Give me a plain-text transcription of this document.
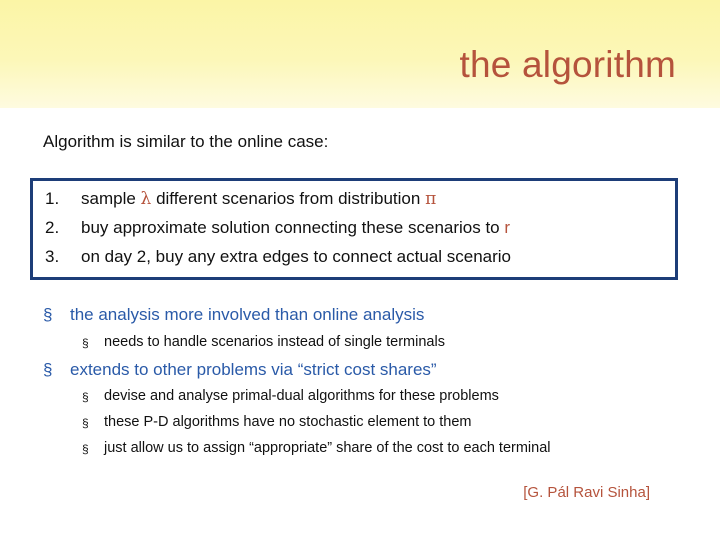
the algorithm
Algorithm is similar to the online case:
1.	sample λ different scenarios from distribution π
2.	buy approximate solution connecting these scenarios to r
3.	on day 2, buy any extra edges to connect actual scenario
§ the analysis more involved than online analysis
§ needs to handle scenarios instead of single terminals
§ extends to other problems via “strict cost shares”
§ devise and analyse primal-dual algorithms for these problems
§ these P-D algorithms have no stochastic element to them
§ just allow us to assign “appropriate” share of the cost to each terminal
[G. Pál Ravi Sinha]
